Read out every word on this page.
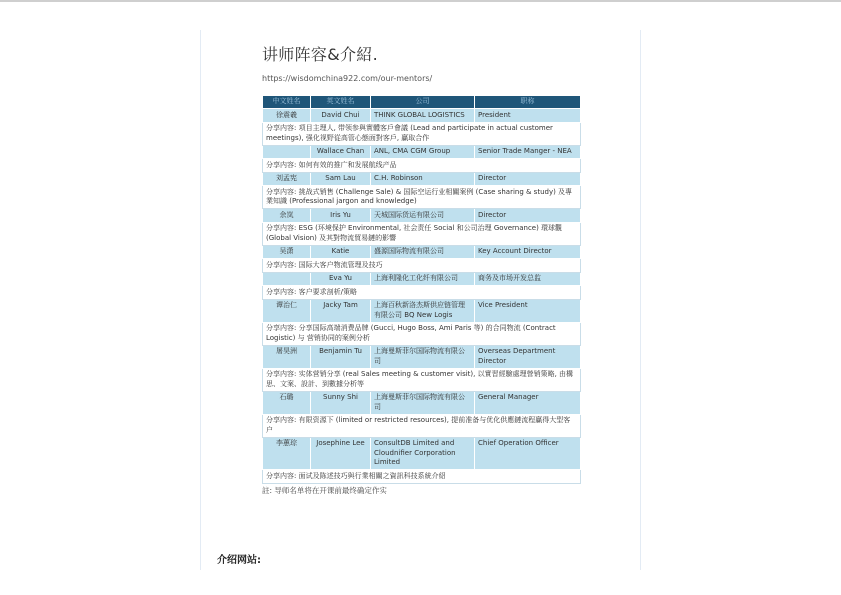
讲师阵容&介紹.
https://wisdomchina922.com/our-mentors/
中文姓名	英文姓名	公司	职称
徐震羲	David Chui	THINK GLOBAL LOGISTICS	President
分享内容: 项目主理人, 带领参與實體客戶會議 (Lead and participate in actual customer meetings), 强化视野從高管心態面對客戶, 贏取合作			
	Wallace Chan	ANL, CMA CGM Group	Senior Trade Manger - NEA
分享内容: 如何有效的推广和发展航线产品			
刘孟宪	Sam Lau	C.H. Robinson	Director
分享内容: 挑战式销售 (Challenge Sale) & 国际空运行业相關案例 (Case sharing & study) 及專業知識 (Professional jargon and knowledge)			
余岚	Iris Yu	天城国际货运有限公司	Director
分享内容: ESG (环境保护 Environmental, 社会责任 Social 和公司治理 Governance) 環球觀 (Global Vision) 及其對物流貿易鏈的影響			
吴潇	Katie	盛源国际物流有限公司	Key Account Director
分享内容: 国际大客户物流管理及技巧			
	Eva Yu	上海利隆化工化纤有限公司	商务及市场开发总监
分享内容: 客户要求剖析/策略			
谭治仁	Jacky Tam	上海百秋新洛杰斯供应链管理有限公司 BQ New Logis	Vice President
分享内容: 分享国际高端消费品牌 (Gucci, Hugo Boss, Ami Paris 等) 的合同物流 (Contract Logistic) 与 营销协同的案例分析			
屠昊洲	Benjamin Tu	上海曼斯菲尔国际物流有限公司	Overseas Department Director
分享内容: 实体营销分享 (real Sales meeting & customer visit), 以實習經驗處理營销策略, 由構思、文案、設計、到數據分析等			
石璐	Sunny Shi	上海曼斯菲尔国际物流有限公司	General Manager
分享内容: 有限资源下 (limited or restricted resources), 提前准备与优化供應鏈流程贏得大型客户			
李蕙琮	Josephine Lee	ConsultDB Limited and Cloudnifier Corporation Limited	Chief Operation Officer
分享内容: 面试及陈述技巧與行業相關之資訊科技系統介紹			
註: 导师名单将在开课前最终确定作实
介绍网站:
